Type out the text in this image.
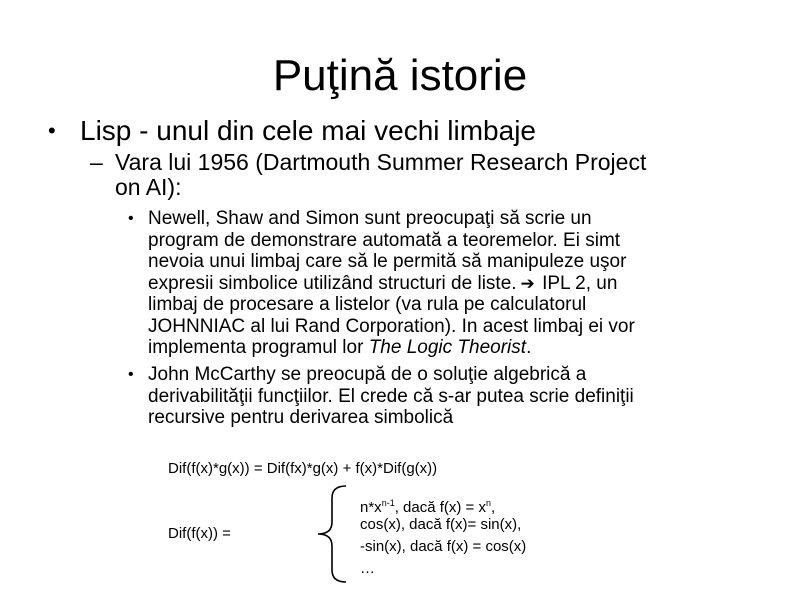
Puţină istorie
• Lisp - unul din cele mai vechi limbaje
– Vara lui 1956 (Dartmouth Summer Research Project
on AI):
• Newell, Shaw and Simon sunt preocupaţi să scrie un
program de demonstrare automată a teoremelor. Ei simt
nevoia unui limbaj care să le permită să manipuleze uşor
expresii simbolice utilizând structuri de liste. ➔ IPL 2, un
limbaj de procesare a listelor (va rula pe calculatorul
JOHNNIAC al lui Rand Corporation). In acest limbaj ei vor
implementa programul lor The Logic Theorist.
• John McCarthy se preocupă de o soluţie algebrică a
derivabilităţii funcţiilor. El crede că s-ar putea scrie definiţii
recursive pentru derivarea simbolică
Dif(f(x)*g(x)) = Dif(fx)*g(x) + f(x)*Dif(g(x))
Dif(f(x)) =
$n*x^{n-1}$, dacă $f(x) = x^n$,
cos(x), dacă f(x)= sin(x),
-sin(x), dacă f(x) = cos(x)
…
